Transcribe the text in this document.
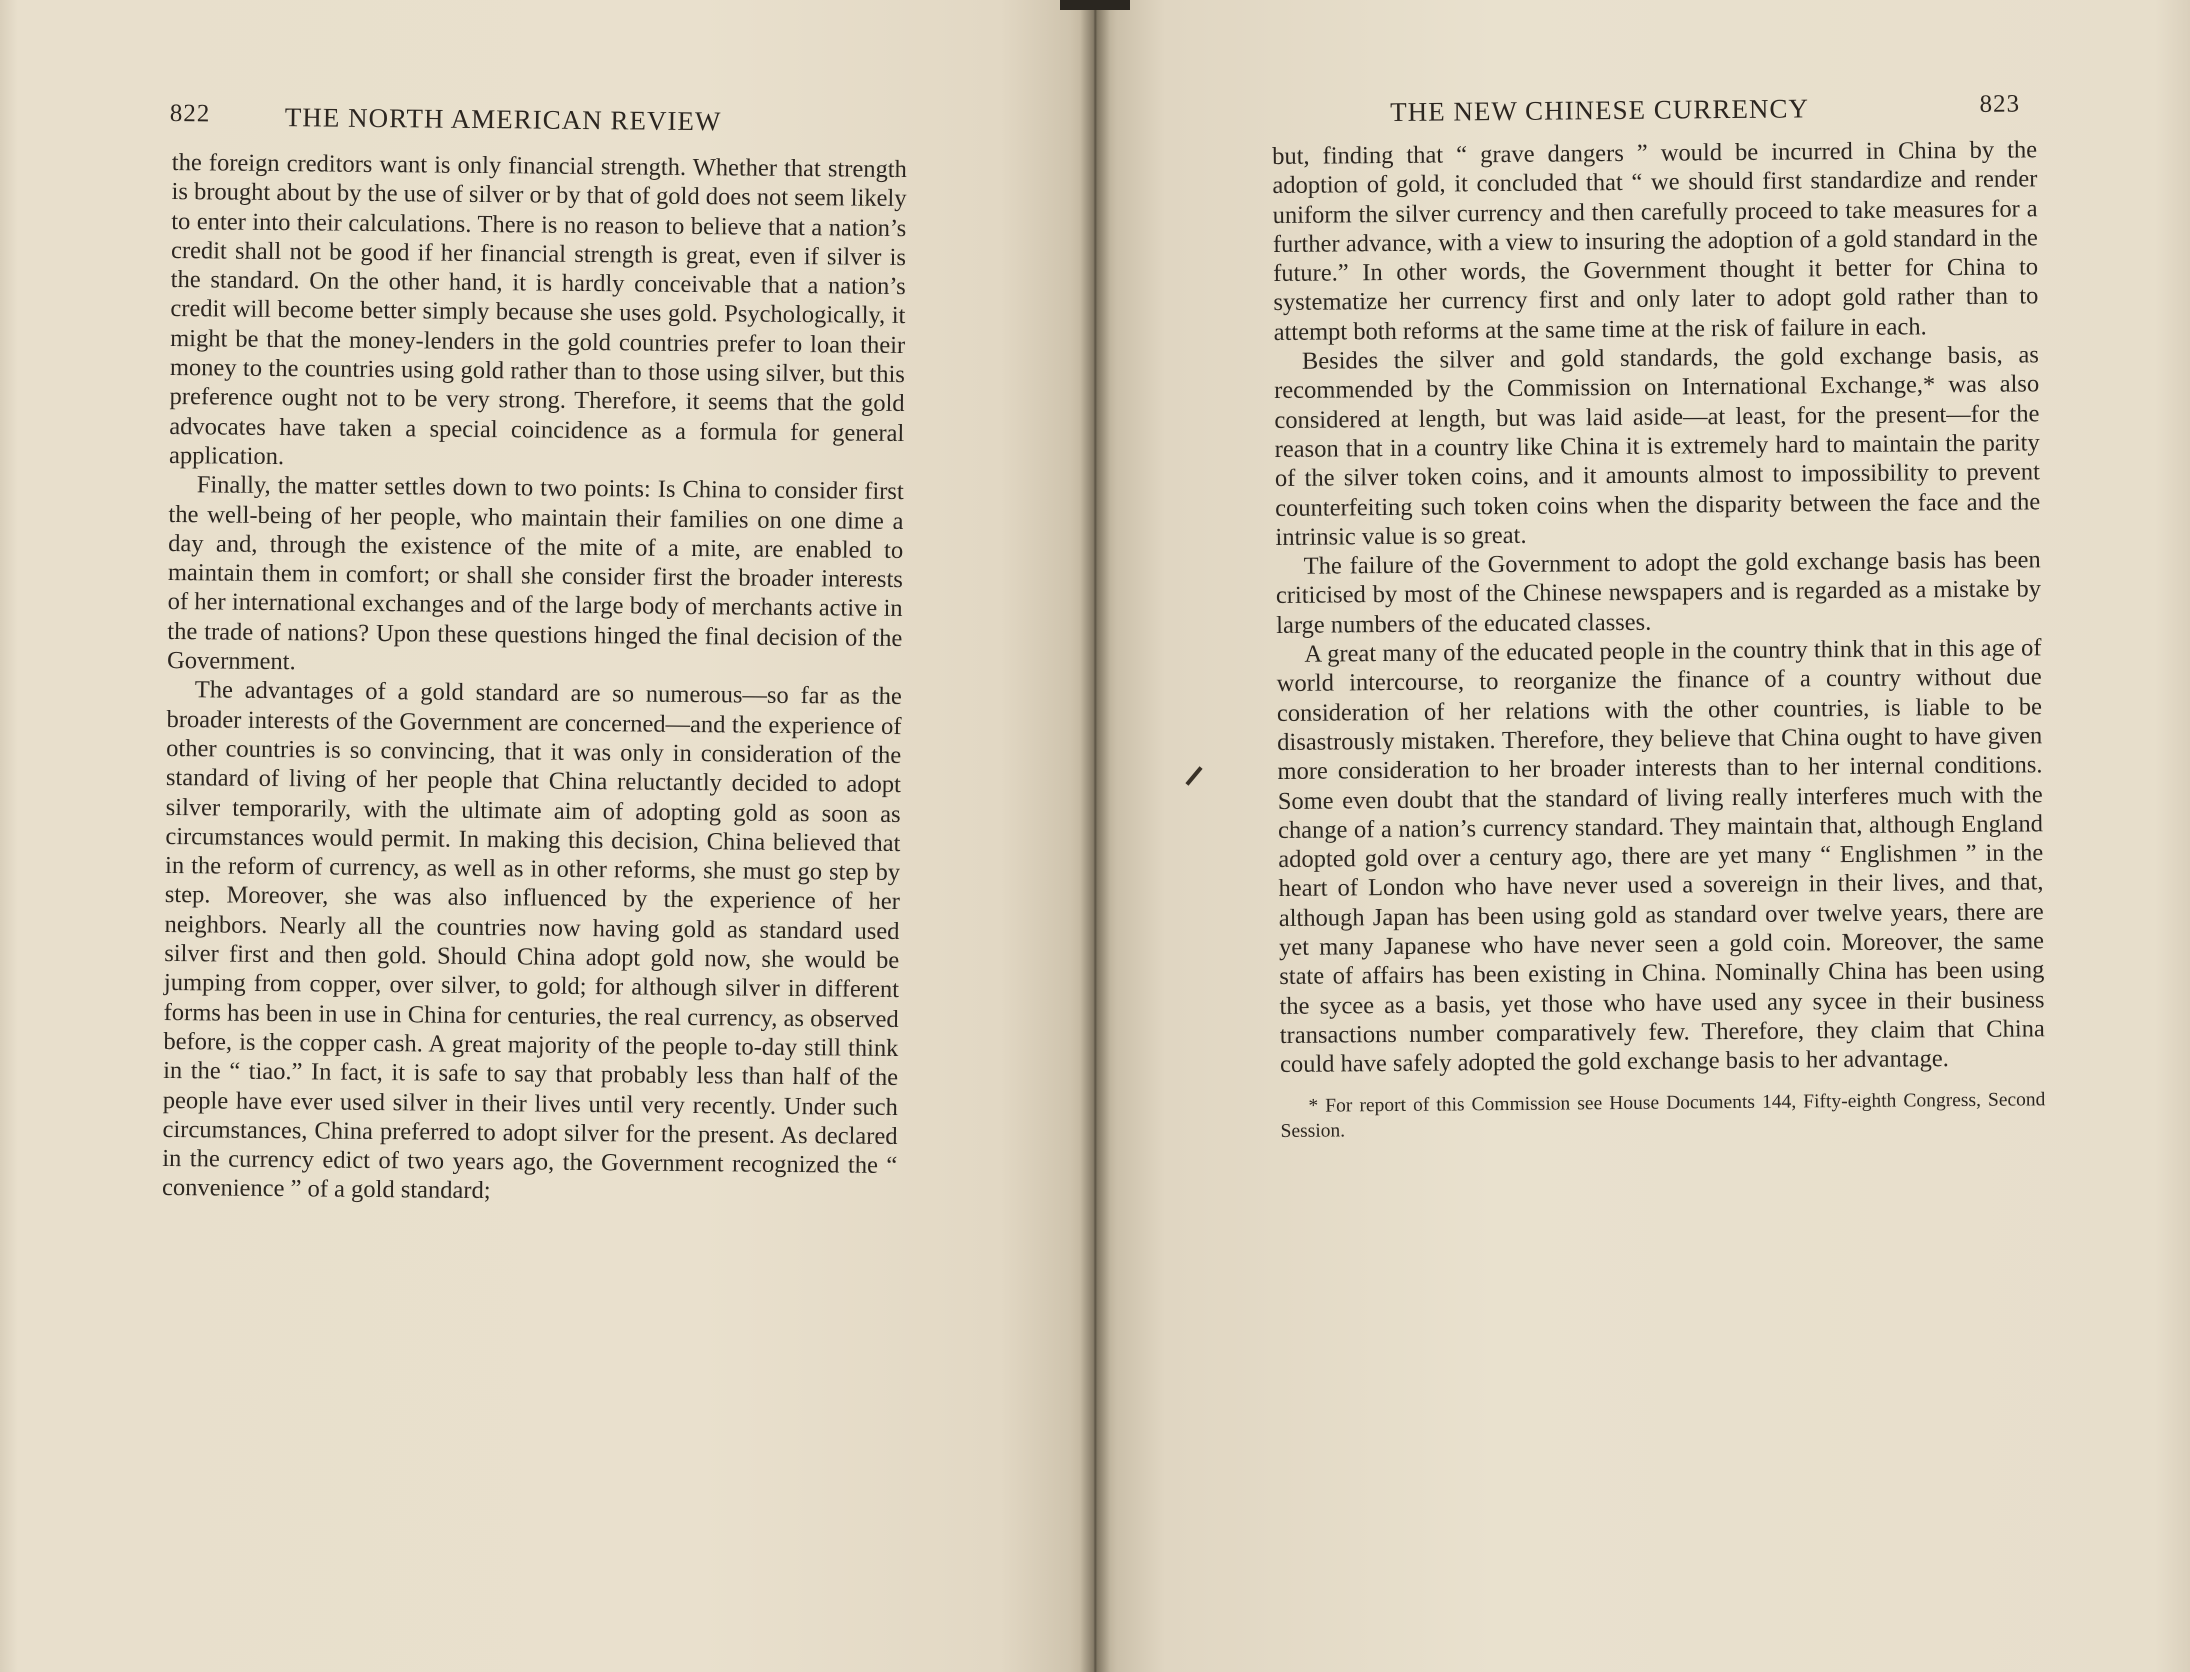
822	THE NORTH AMERICAN REVIEW

the foreign creditors want is only financial strength. Whether that strength is brought about by the use of silver or by that of gold does not seem likely to enter into their calculations. There is no reason to believe that a nation’s credit shall not be good if her financial strength is great, even if silver is the standard. On the other hand, it is hardly conceivable that a nation’s credit will become better simply because she uses gold. Psychologically, it might be that the money-lenders in the gold countries prefer to loan their money to the countries using gold rather than to those using silver, but this preference ought not to be very strong. Therefore, it seems that the gold advocates have taken a special coincidence as a formula for general application.

Finally, the matter settles down to two points: Is China to consider first the well-being of her people, who maintain their families on one dime a day and, through the existence of the mite of a mite, are enabled to maintain them in comfort; or shall she consider first the broader interests of her international exchanges and of the large body of merchants active in the trade of nations? Upon these questions hinged the final decision of the Government.

The advantages of a gold standard are so numerous—so far as the broader interests of the Government are concerned—and the experience of other countries is so convincing, that it was only in consideration of the standard of living of her people that China reluctantly decided to adopt silver temporarily, with the ultimate aim of adopting gold as soon as circumstances would permit. In making this decision, China believed that in the reform of currency, as well as in other reforms, she must go step by step. Moreover, she was also influenced by the experience of her neighbors. Nearly all the countries now having gold as standard used silver first and then gold. Should China adopt gold now, she would be jumping from copper, over silver, to gold; for although silver in different forms has been in use in China for centuries, the real currency, as observed before, is the copper cash. A great majority of the people to-day still think in the “ tiao.” In fact, it is safe to say that probably less than half of the people have ever used silver in their lives until very recently. Under such circumstances, China preferred to adopt silver for the present. As declared in the currency edict of two years ago, the Government recognized the “ convenience ” of a gold standard;

THE NEW CHINESE CURRENCY	823

but, finding that “ grave dangers ” would be incurred in China by the adoption of gold, it concluded that “ we should first standardize and render uniform the silver currency and then carefully proceed to take measures for a further advance, with a view to insuring the adoption of a gold standard in the future.” In other words, the Government thought it better for China to systematize her currency first and only later to adopt gold rather than to attempt both reforms at the same time at the risk of failure in each.

Besides the silver and gold standards, the gold exchange basis, as recommended by the Commission on International Exchange,* was also considered at length, but was laid aside—at least, for the present—for the reason that in a country like China it is extremely hard to maintain the parity of the silver token coins, and it amounts almost to impossibility to prevent counterfeiting such token coins when the disparity between the face and the intrinsic value is so great.

The failure of the Government to adopt the gold exchange basis has been criticised by most of the Chinese newspapers and is regarded as a mistake by large numbers of the educated classes.

A great many of the educated people in the country think that in this age of world intercourse, to reorganize the finance of a country without due consideration of her relations with the other countries, is liable to be disastrously mistaken. Therefore, they believe that China ought to have given more consideration to her broader interests than to her internal conditions. Some even doubt that the standard of living really interferes much with the change of a nation’s currency standard. They maintain that, although England adopted gold over a century ago, there are yet many “ Englishmen ” in the heart of London who have never used a sovereign in their lives, and that, although Japan has been using gold as standard over twelve years, there are yet many Japanese who have never seen a gold coin. Moreover, the same state of affairs has been existing in China. Nominally China has been using the sycee as a basis, yet those who have used any sycee in their business transactions number comparatively few. Therefore, they claim that China could have safely adopted the gold exchange basis to her advantage.

* For report of this Commission see House Documents 144, Fifty-eighth Congress, Second Session.
